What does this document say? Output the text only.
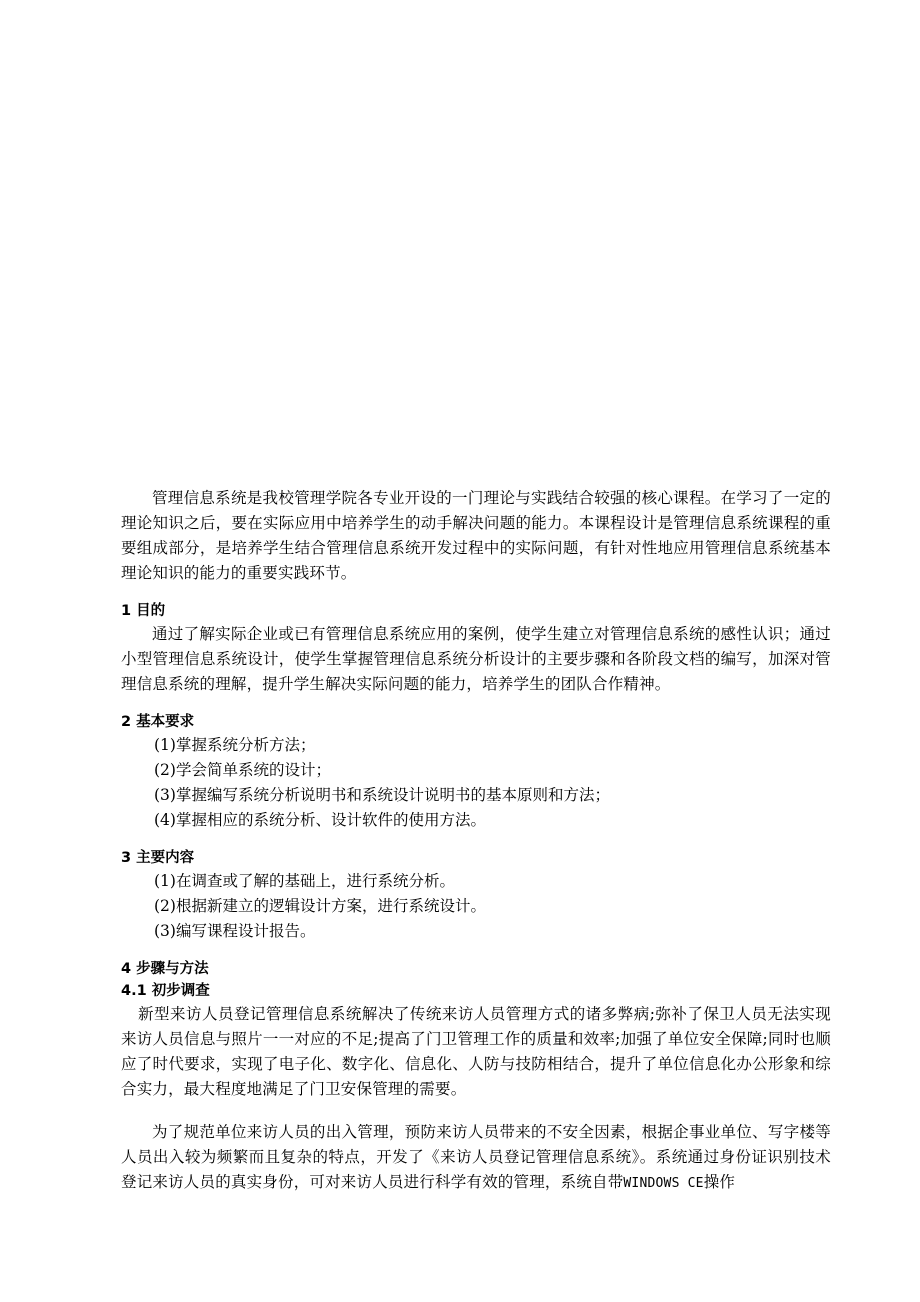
管理信息系统是我校管理学院各专业开设的一门理论与实践结合较强的核心课程。在学习了一定的理论知识之后，要在实际应用中培养学生的动手解决问题的能力。本课程设计是管理信息系统课程的重要组成部分，是培养学生结合管理信息系统开发过程中的实际问题，有针对性地应用管理信息系统基本理论知识的能力的重要实践环节。

1 目的

通过了解实际企业或已有管理信息系统应用的案例，使学生建立对管理信息系统的感性认识；通过小型管理信息系统设计，使学生掌握管理信息系统分析设计的主要步骤和各阶段文档的编写，加深对管理信息系统的理解，提升学生解决实际问题的能力，培养学生的团队合作精神。

2 基本要求
(1)掌握系统分析方法；
(2)学会简单系统的设计；
(3)掌握编写系统分析说明书和系统设计说明书的基本原则和方法；
(4)掌握相应的系统分析、设计软件的使用方法。
3 主要内容
(1)在调查或了解的基础上，进行系统分析。
(2)根据新建立的逻辑设计方案，进行系统设计。
(3)编写课程设计报告。
4 步骤与方法
4.1 初步调查

新型来访人员登记管理信息系统解决了传统来访人员管理方式的诸多弊病;弥补了保卫人员无法实现来访人员信息与照片一一对应的不足;提高了门卫管理工作的质量和效率;加强了单位安全保障;同时也顺应了时代要求，实现了电子化、数字化、信息化、人防与技防相结合，提升了单位信息化办公形象和综合实力，最大程度地满足了门卫安保管理的需要。

为了规范单位来访人员的出入管理，预防来访人员带来的不安全因素，根据企事业单位、写字楼等人员出入较为频繁而且复杂的特点，开发了《来访人员登记管理信息系统》。系统通过身份证识别技术登记来访人员的真实身份，可对来访人员进行科学有效的管理，系统自带WINDOWS CE操作
